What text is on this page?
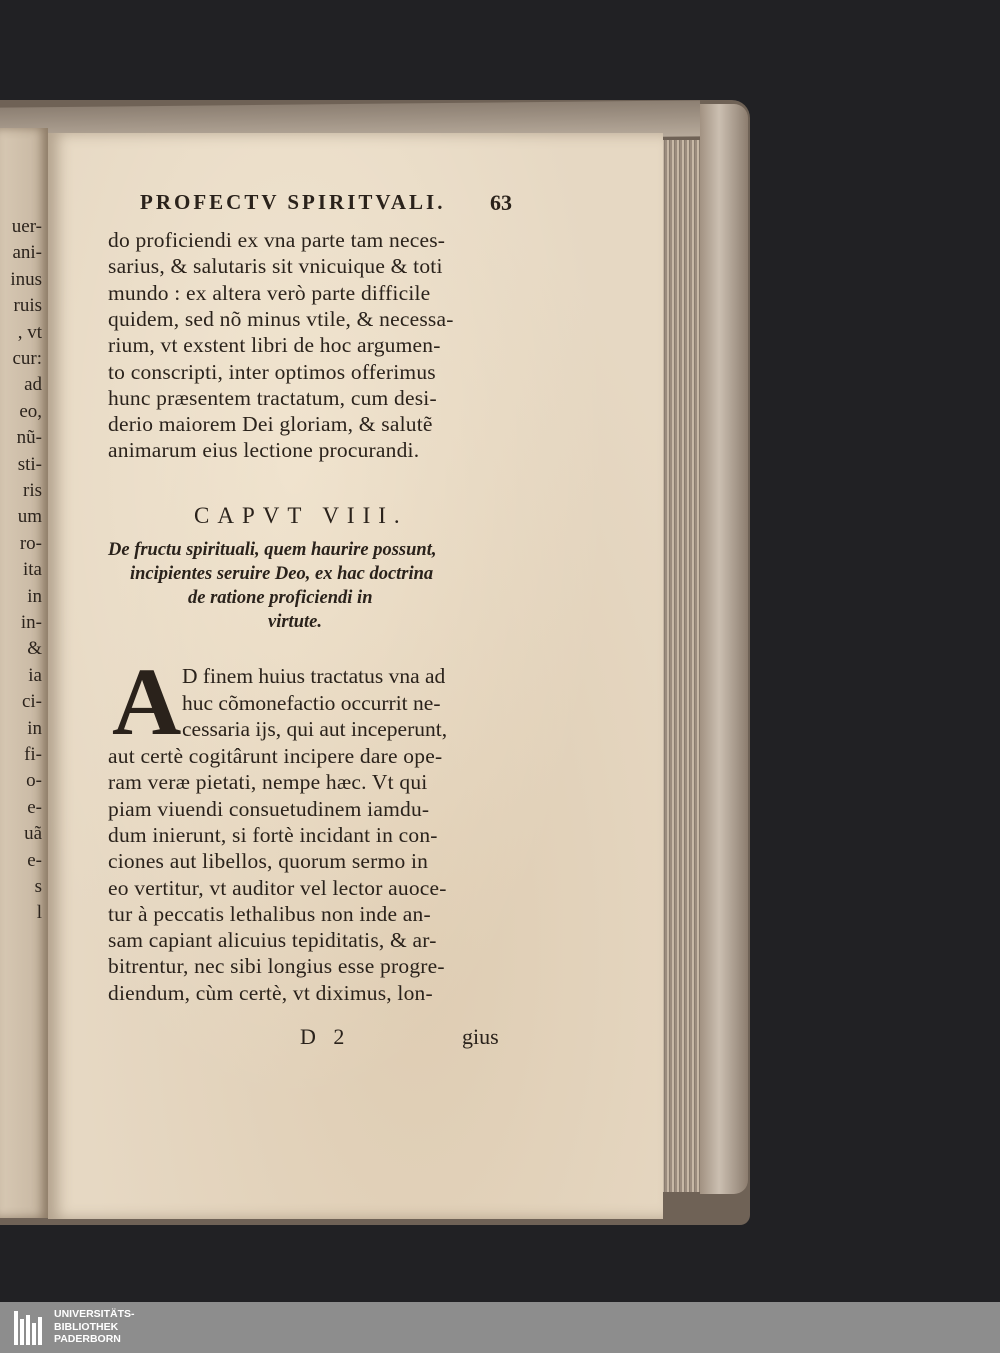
PROFECTV SPIRITVALI. 63
do proficiendi ex vna parte tam neces-
sarius, & salutaris sit vnicuique & toti
mundo : ex altera verò parte difficile
quidem, sed nõ minus vtile, & necessa-
rium, vt exstent libri de hoc argumen-
to conscripti, inter optimos offerimus
hunc præsentem tractatum, cum desi-
derio maiorem Dei gloriam, & salutẽ
animarum eius lectione procurandi.
CAPVT VIII.
De fructu spirituali, quem haurire possunt,
incipientes seruire Deo, ex hac doctrina
de ratione proficiendi in
virtute.
A D finem huius tractatus vna ad
huc cõmonefactio occurrit ne-
cessaria ijs, qui aut inceperunt,
aut certè cogitârunt incipere dare ope-
ram veræ pietati, nempe hæc. Vt qui
piam viuendi consuetudinem iamdu-
dum inierunt, si fortè incidant in con-
ciones aut libellos, quorum sermo in
eo vertitur, vt auditor vel lector auoce-
tur à peccatis lethalibus non inde an-
sam capiant alicuius tepiditatis, & ar-
bitrentur, nec sibi longius esse progre-
diendum, cùm certè, vt diximus, lon-
D 2	gius
uer-
ani-
inus
ruis
, vt
cur:
ad
eo,
nũ-
sti-
ris
um
ro-
ita
in
in-
&
ia
ci-
in
fi-
o-
e-
uã
e-
s
l
UNIVERSITÄTS-
BIBLIOTHEK
PADERBORN
